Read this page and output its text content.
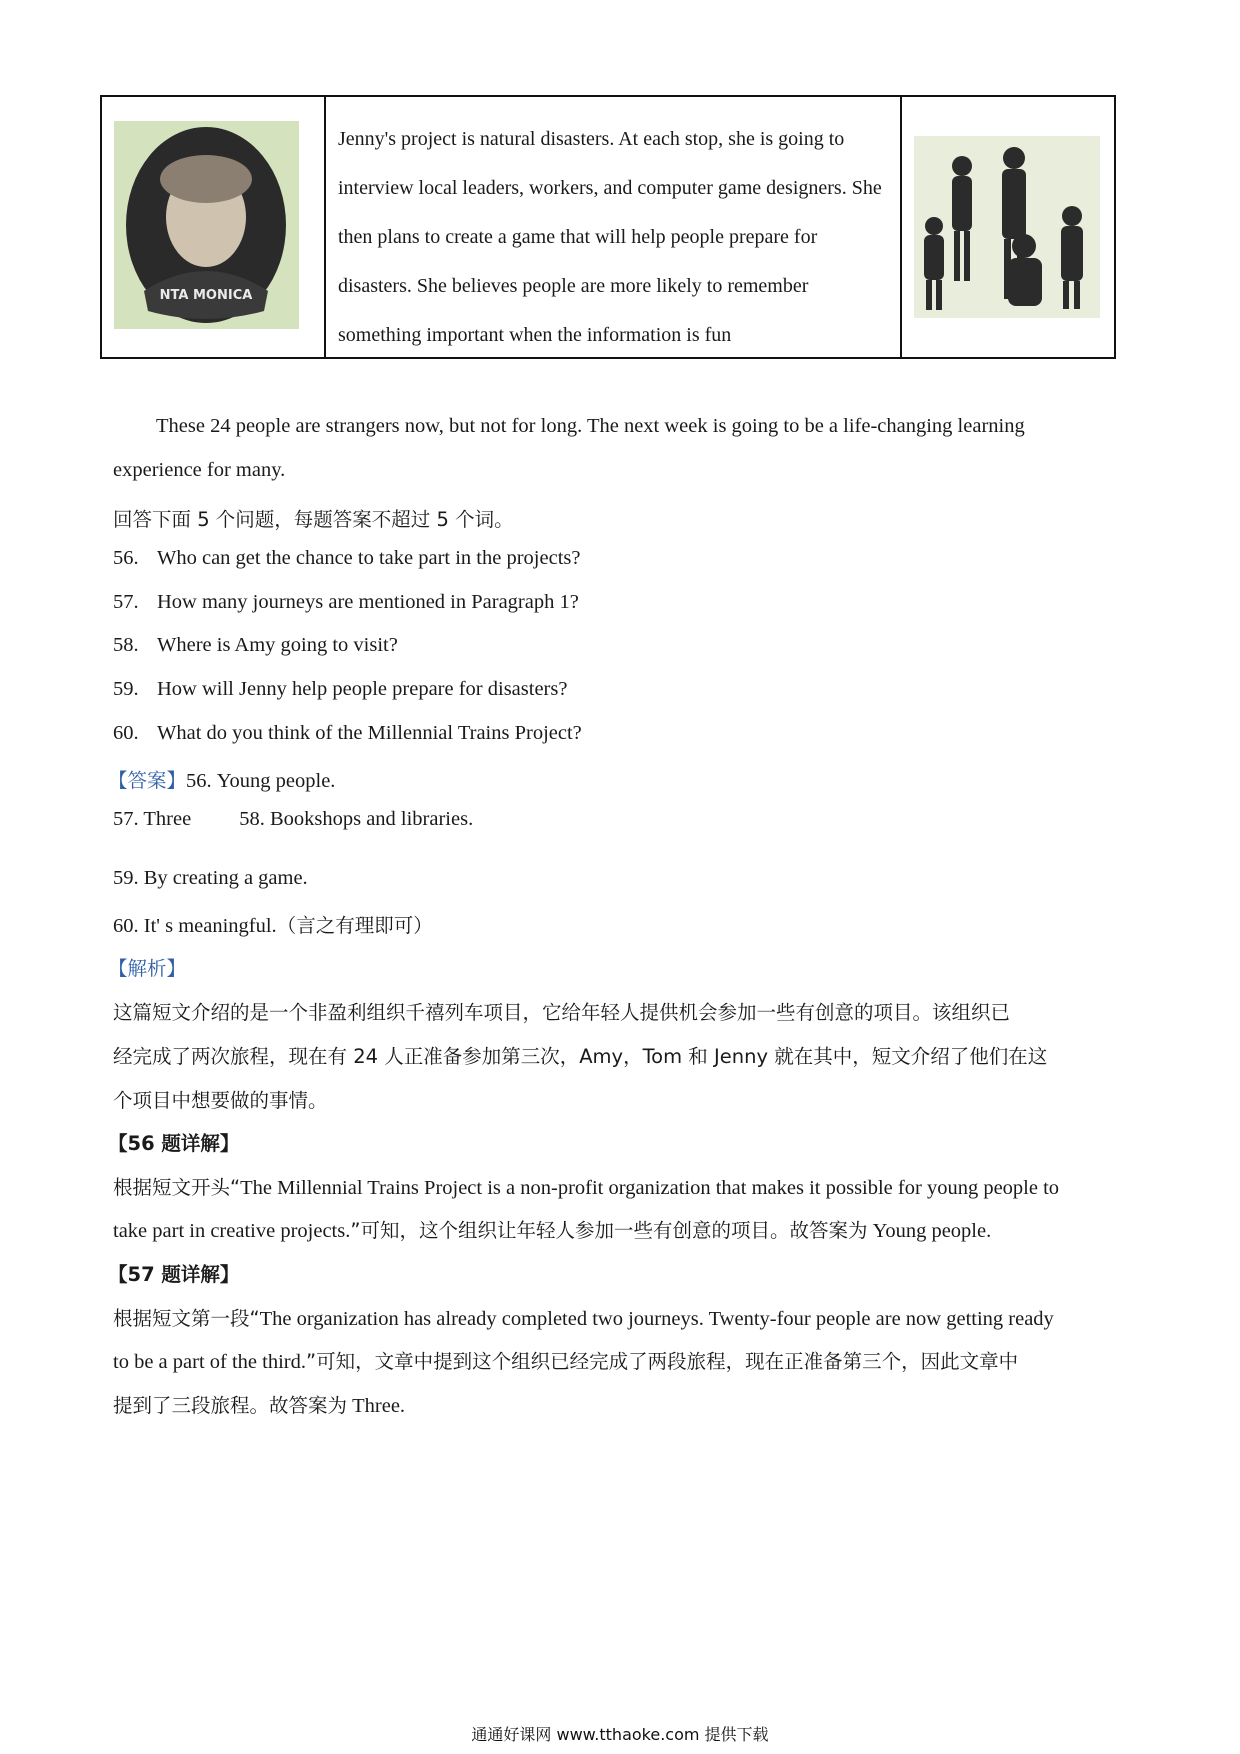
NTA MONICA

Jenny's project is natural disasters. At each stop, she is going to interview local leaders, workers, and computer game designers. She then plans to create a game that will help people prepare for disasters. She believes people are more likely to remember something important when the information is fun

These 24 people are strangers now, but not for long. The next week is going to be a life-changing learning
experience for many.
回答下面 5 个问题，每题答案不超过 5 个词。
56. Who can get the chance to take part in the projects?
57. How many journeys are mentioned in Paragraph 1?
58. Where is Amy going to visit?
59. How will Jenny help people prepare for disasters?
60. What do you think of the Millennial Trains Project?
【答案】56. Young people.
57. Three 58. Bookshops and libraries.
59. By creating a game.
60. It' s meaningful.（言之有理即可）
【解析】
这篇短文介绍的是一个非盈利组织千禧列车项目，它给年轻人提供机会参加一些有创意的项目。该组织已
经完成了两次旅程，现在有 24 人正准备参加第三次，Amy，Tom 和 Jenny 就在其中，短文介绍了他们在这
个项目中想要做的事情。
【56 题详解】
根据短文开头“The Millennial Trains Project is a non-profit organization that makes it possible for young people to
take part in creative projects.”可知，这个组织让年轻人参加一些有创意的项目。故答案为 Young people.
【57 题详解】
根据短文第一段“The organization has already completed two journeys. Twenty-four people are now getting ready
to be a part of the third.”可知，文章中提到这个组织已经完成了两段旅程，现在正准备第三个，因此文章中
提到了三段旅程。故答案为 Three.
通通好课网 www.tthaoke.com 提供下载
